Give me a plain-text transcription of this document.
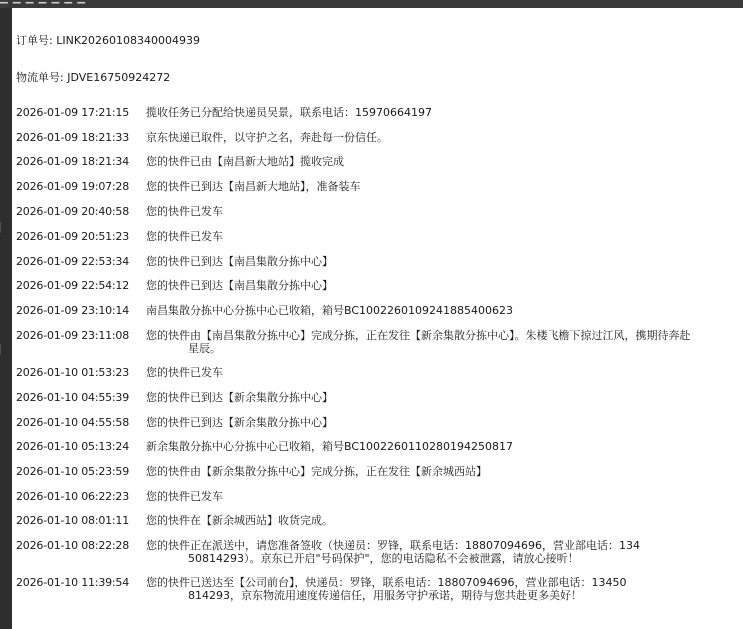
订单号: LINK20260108340004939
物流单号: JDVE16750924272
2026-01-09 17:21:15	揽收任务已分配给快递员吴景，联系电话：15970664197
2026-01-09 18:21:33	京东快递已取件，以守护之名，奔赴每一份信任。
2026-01-09 18:21:34	您的快件已由【南昌新大地站】揽收完成
2026-01-09 19:07:28	您的快件已到达【南昌新大地站】，准备装车
2026-01-09 20:40:58	您的快件已发车
2026-01-09 20:51:23	您的快件已发车
2026-01-09 22:53:34	您的快件已到达【南昌集散分拣中心】
2026-01-09 22:54:12	您的快件已到达【南昌集散分拣中心】
2026-01-09 23:10:14	南昌集散分拣中心分拣中心已收箱，箱号BC1002260109241885400623
2026-01-09 23:11:08	您的快件由【南昌集散分拣中心】完成分拣，正在发往【新余集散分拣中心】。朱楼飞檐下掠过江风，携期待奔赴
星辰。
2026-01-10 01:53:23	您的快件已发车
2026-01-10 04:55:39	您的快件已到达【新余集散分拣中心】
2026-01-10 04:55:58	您的快件已到达【新余集散分拣中心】
2026-01-10 05:13:24	新余集散分拣中心分拣中心已收箱，箱号BC1002260110280194250817
2026-01-10 05:23:59	您的快件由【新余集散分拣中心】完成分拣，正在发往【新余城西站】
2026-01-10 06:22:23	您的快件已发车
2026-01-10 08:01:11	您的快件在【新余城西站】收货完成。
2026-01-10 08:22:28	您的快件正在派送中，请您准备签收（快递员：罗锋，联系电话：18807094696，营业部电话：134
50814293）。京东已开启"号码保护"，您的电话隐私不会被泄露，请放心接听！
2026-01-10 11:39:54	您的快件已送达至【公司前台】，快递员：罗锋，联系电话：18807094696，营业部电话：13450
814293，京东物流用速度传递信任，用服务守护承诺，期待与您共赴更多美好！
